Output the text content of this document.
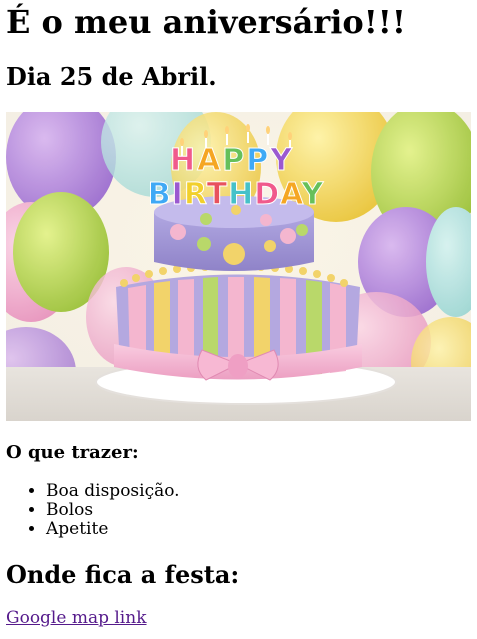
É o meu aniversário!!!
Dia 25 de Abril.
HAPPY
BIRTHDAY
O que trazer:
• Boa disposição.
• Bolos
• Apetite
Onde fica a festa:
Google map link
